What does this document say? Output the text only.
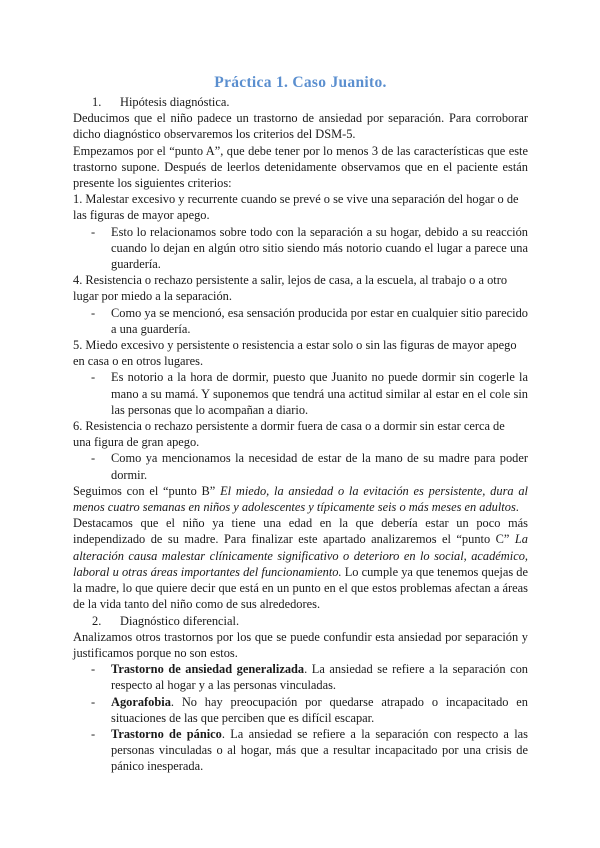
Práctica 1. Caso Juanito.

1. Hipótesis diagnóstica.

Deducimos que el niño padece un trastorno de ansiedad por separación. Para corroborar dicho diagnóstico observaremos los criterios del DSM-5.

Empezamos por el “punto A”, que debe tener por lo menos 3 de las características que este trastorno supone. Después de leerlos detenidamente observamos que en el paciente están presente los siguientes criterios:

1. Malestar excesivo y recurrente cuando se prevé o se vive una separación del hogar o de
las figuras de mayor apego.
- Esto lo relacionamos sobre todo con la separación a su hogar, debido a su reacción cuando lo dejan en algún otro sitio siendo más notorio cuando el lugar a parece una guardería.
4. Resistencia o rechazo persistente a salir, lejos de casa, a la escuela, al trabajo o a otro
lugar por miedo a la separación.
- Como ya se mencionó, esa sensación producida por estar en cualquier sitio parecido a una guardería.
5. Miedo excesivo y persistente o resistencia a estar solo o sin las figuras de mayor apego
en casa o en otros lugares.
- Es notorio a la hora de dormir, puesto que Juanito no puede dormir sin cogerle la mano a su mamá. Y suponemos que tendrá una actitud similar al estar en el cole sin las personas que lo acompañan a diario.
6. Resistencia o rechazo persistente a dormir fuera de casa o a dormir sin estar cerca de
una figura de gran apego.
- Como ya mencionamos la necesidad de estar de la mano de su madre para poder dormir.

Seguimos con el “punto B” El miedo, la ansiedad o la evitación es persistente, dura al menos cuatro semanas en niños y adolescentes y típicamente seis o más meses en adultos.

Destacamos que el niño ya tiene una edad en la que debería estar un poco más independizado de su madre. Para finalizar este apartado analizaremos el “punto C” La alteración causa malestar clínicamente significativo o deterioro en lo social, académico, laboral u otras áreas importantes del funcionamiento. Lo cumple ya que tenemos quejas de la madre, lo que quiere decir que está en un punto en el que estos problemas afectan a áreas de la vida tanto del niño como de sus alrededores.

2. Diagnóstico diferencial.

Analizamos otros trastornos por los que se puede confundir esta ansiedad por separación y justificamos porque no son estos.

- Trastorno de ansiedad generalizada. La ansiedad se refiere a la separación con respecto al hogar y a las personas vinculadas.
- Agorafobia. No hay preocupación por quedarse atrapado o incapacitado en situaciones de las que perciben que es difícil escapar.
- Trastorno de pánico. La ansiedad se refiere a la separación con respecto a las personas vinculadas o al hogar, más que a resultar incapacitado por una crisis de pánico inesperada.
